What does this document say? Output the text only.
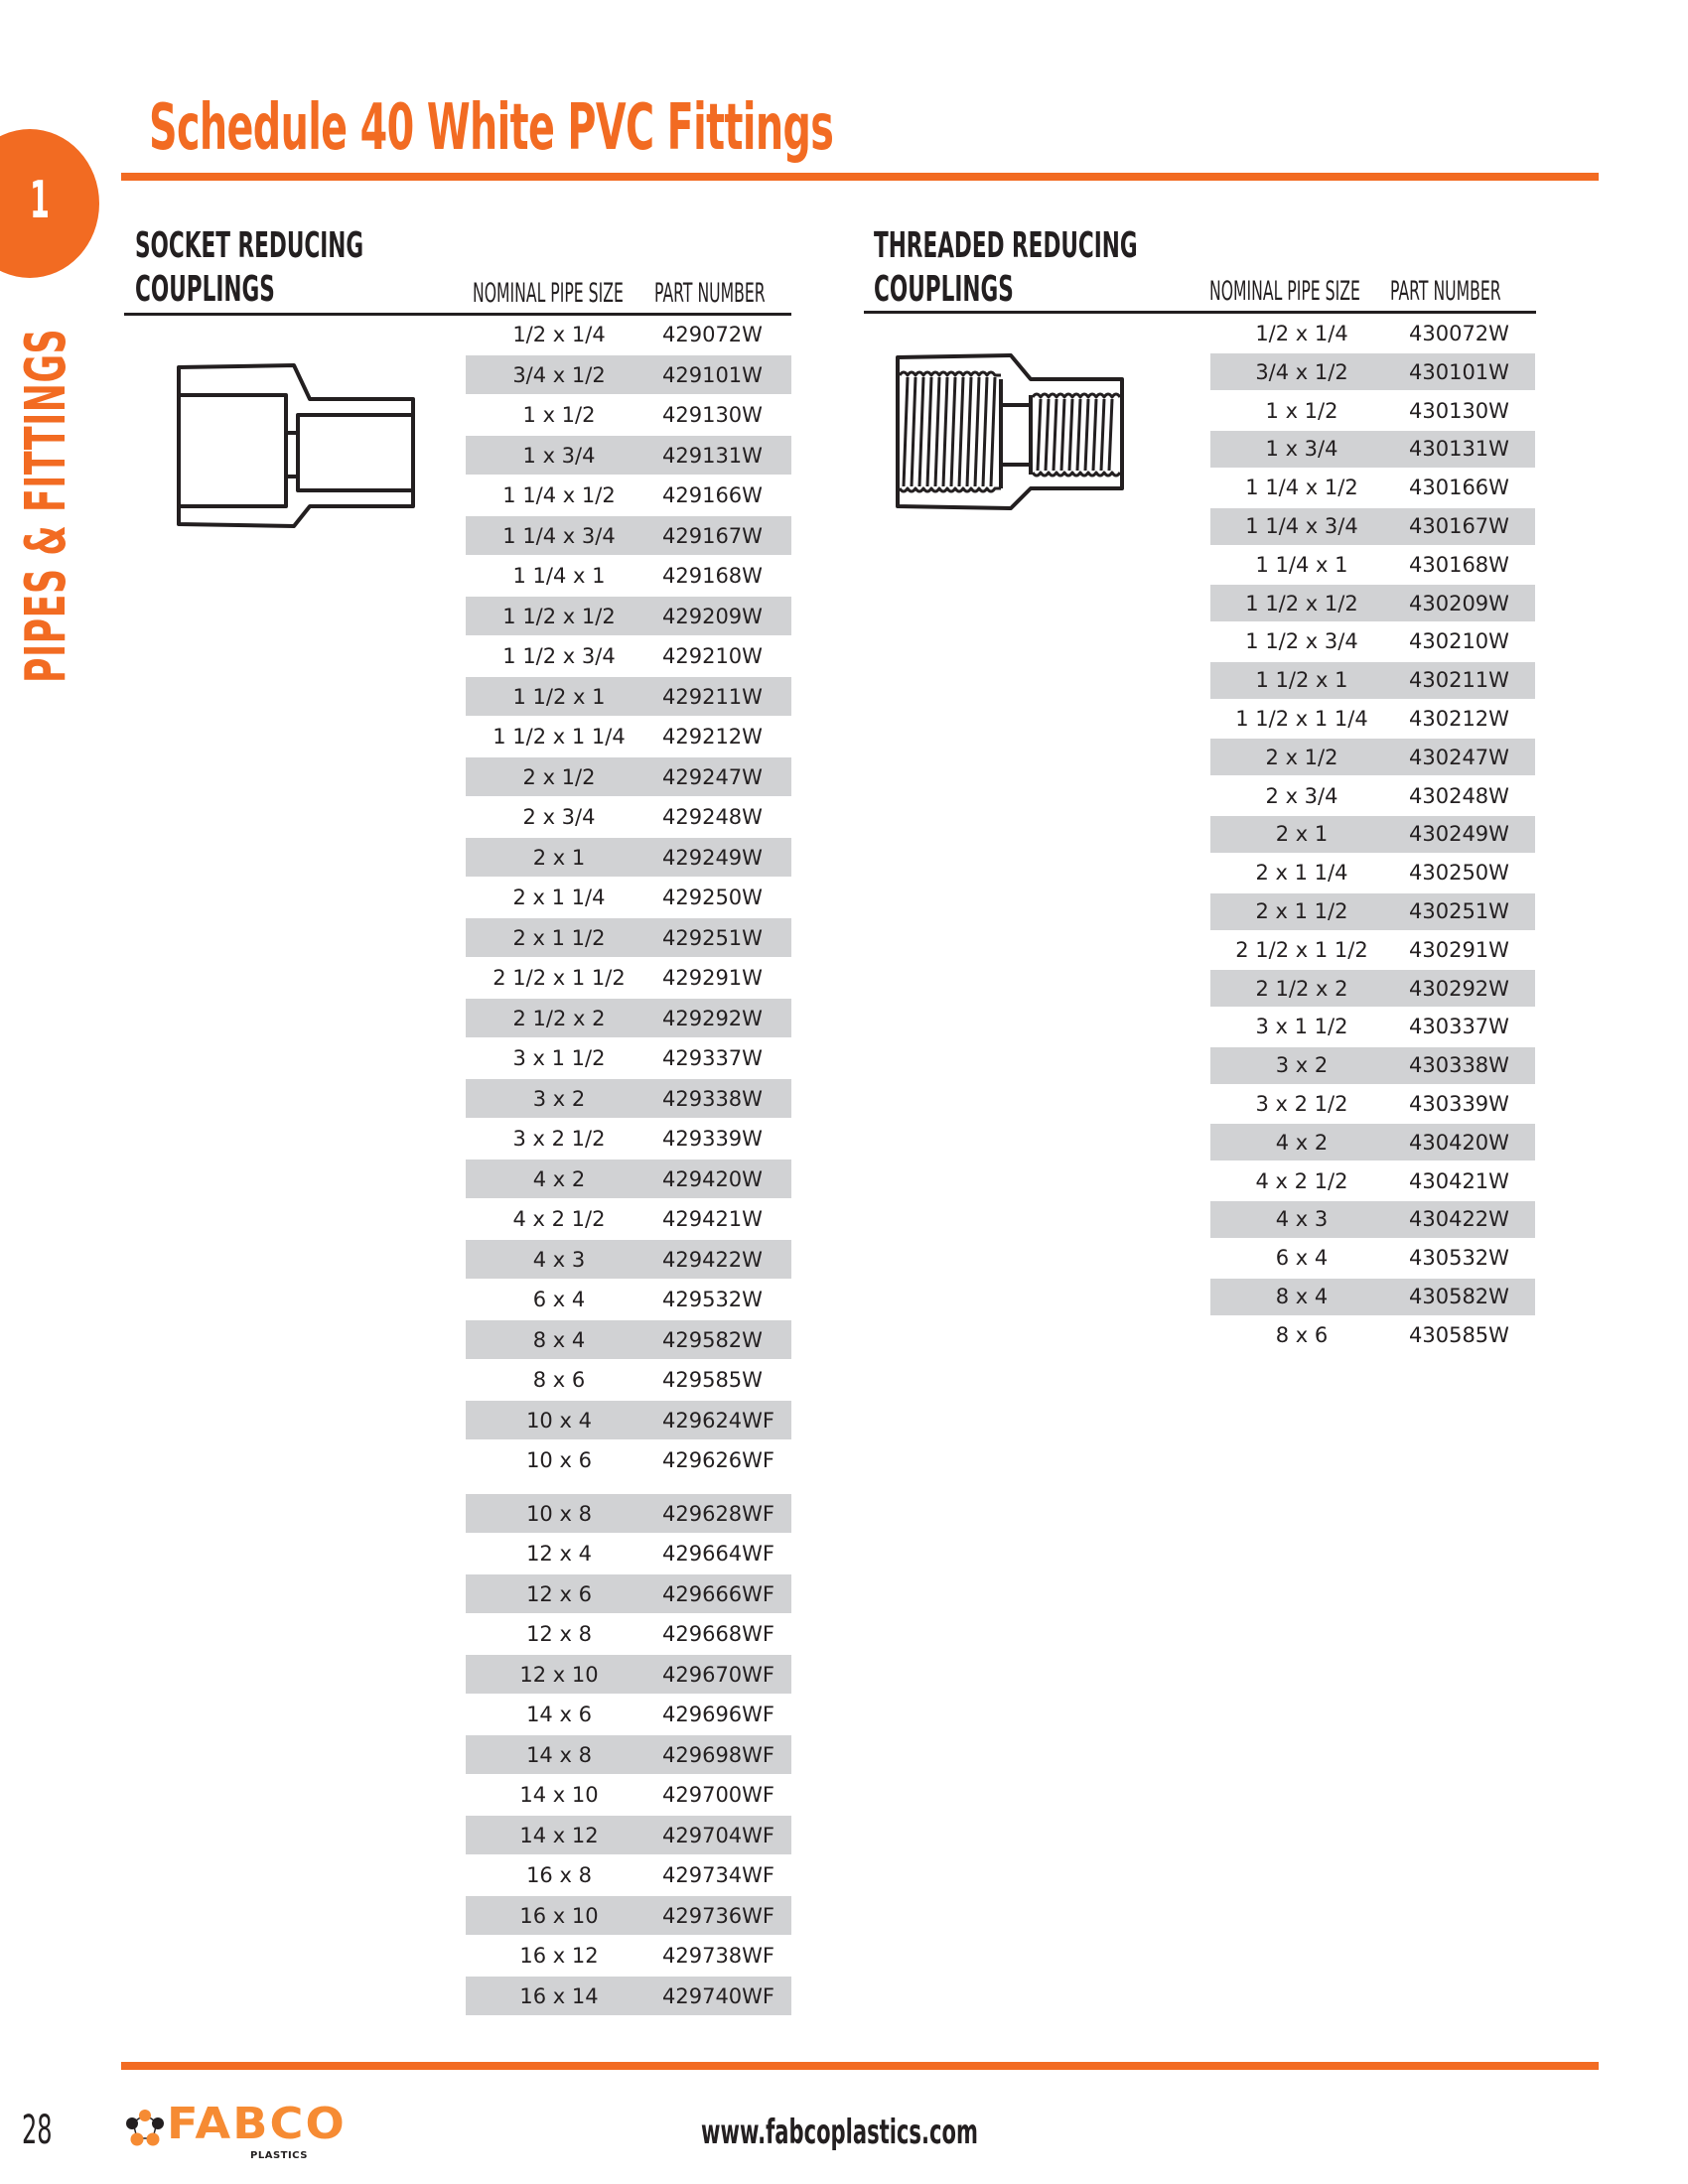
Schedule 40 White PVC Fittings
1
PIPES & FITTINGS
SOCKET REDUCING
COUPLINGS	NOMINAL PIPE SIZE PART NUMBER
1/2 x 1/4	429072W
3/4 x 1/2	429101W
1 x 1/2	429130W
1 x 3/4	429131W
1 1/4 x 1/2	429166W
1 1/4 x 3/4	429167W
1 1/4 x 1	429168W
1 1/2 x 1/2	429209W
1 1/2 x 3/4	429210W
1 1/2 x 1	429211W
1 1/2 x 1 1/4	429212W
2 x 1/2	429247W
2 x 3/4	429248W
2 x 1	429249W
2 x 1 1/4	429250W
2 x 1 1/2	429251W
2 1/2 x 1 1/2	429291W
2 1/2 x 2	429292W
3 x 1 1/2	429337W
3 x 2	429338W
3 x 2 1/2	429339W
4 x 2	429420W
4 x 2 1/2	429421W
4 x 3	429422W
6 x 4	429532W
8 x 4	429582W
8 x 6	429585W
10 x 4	429624WF
10 x 6	429626WF
10 x 8	429628WF
12 x 4	429664WF
12 x 6	429666WF
12 x 8	429668WF
12 x 10	429670WF
14 x 6	429696WF
14 x 8	429698WF
14 x 10	429700WF
14 x 12	429704WF
16 x 8	429734WF
16 x 10	429736WF
16 x 12	429738WF
16 x 14	429740WF
THREADED REDUCING
COUPLINGS	NOMINAL PIPE SIZE PART NUMBER
1/2 x 1/4	430072W
3/4 x 1/2	430101W
1 x 1/2	430130W
1 x 3/4	430131W
1 1/4 x 1/2	430166W
1 1/4 x 3/4	430167W
1 1/4 x 1	430168W
1 1/2 x 1/2	430209W
1 1/2 x 3/4	430210W
1 1/2 x 1	430211W
1 1/2 x 1 1/4	430212W
2 x 1/2	430247W
2 x 3/4	430248W
2 x 1	430249W
2 x 1 1/4	430250W
2 x 1 1/2	430251W
2 1/2 x 1 1/2	430291W
2 1/2 x 2	430292W
3 x 1 1/2	430337W
3 x 2	430338W
3 x 2 1/2	430339W
4 x 2	430420W
4 x 2 1/2	430421W
4 x 3	430422W
6 x 4	430532W
8 x 4	430582W
8 x 6	430585W
28	FABCO
PLASTICS
www.fabcoplastics.com
